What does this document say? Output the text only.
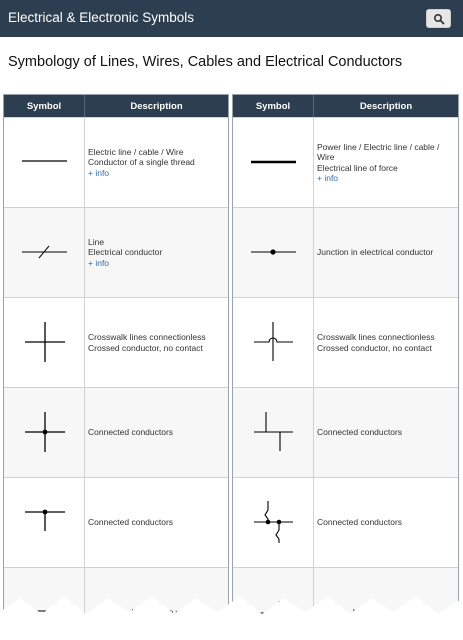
Electrical & Electronic Symbols
Symbology of Lines, Wires, Cables and Electrical Conductors
Symbol	Description
Electric line / cable / Wire
Conductor of a single thread
+ info
Line
Electrical conductor
+ info
Crosswalk lines connectionless
Crossed conductor, no contact
Connected conductors
Connected conductors
Symbol	Description
Power line / Electric line / cable /
Wire
Electrical line of force
+ info
Junction in electrical conductor
Crosswalk lines connectionless
Crossed conductor, no contact
Connected conductors
Connected conductors
